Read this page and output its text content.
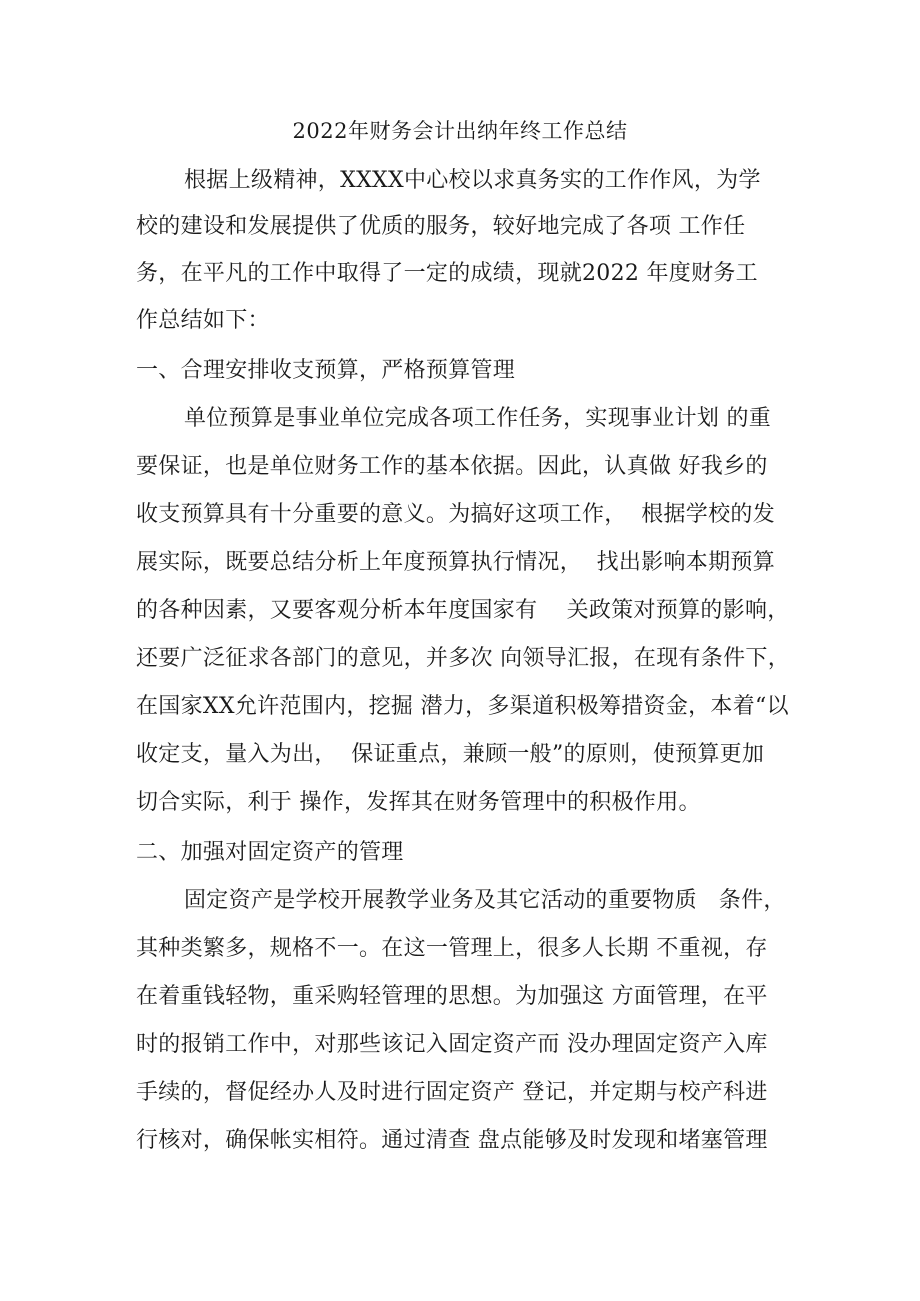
2022年财务会计出纳年终工作总结
根据上级精神，XXXX中心校以求真务实的工作作风，为学
校的建设和发展提供了优质的服务，较好地完成了各项 工作任
务，在平凡的工作中取得了一定的成绩，现就2022 年度财务工
作总结如下：
一、合理安排收支预算，严格预算管理
单位预算是事业单位完成各项工作任务，实现事业计划 的重
要保证，也是单位财务工作的基本依据。因此，认真做 好我乡的
收支预算具有十分重要的意义。为搞好这项工作，  根据学校的发
展实际，既要总结分析上年度预算执行情况，  找出影响本期预算
的各种因素，又要客观分析本年度国家有    关政策对预算的影响，
还要广泛征求各部门的意见，并多次 向领导汇报，在现有条件下，
在国家XX允许范围内，挖掘 潜力，多渠道积极筹措资金，本着“以
收定支，量入为出，  保证重点，兼顾一般”的原则，使预算更加
切合实际，利于 操作，发挥其在财务管理中的积极作用。
二、加强对固定资产的管理
固定资产是学校开展教学业务及其它活动的重要物质   条件，
其种类繁多，规格不一。在这一管理上，很多人长期 不重视，存
在着重钱轻物，重采购轻管理的思想。为加强这 方面管理，在平
时的报销工作中，对那些该记入固定资产而 没办理固定资产入库
手续的，督促经办人及时进行固定资产 登记，并定期与校产科进
行核对，确保帐实相符。通过清查 盘点能够及时发现和堵塞管理
